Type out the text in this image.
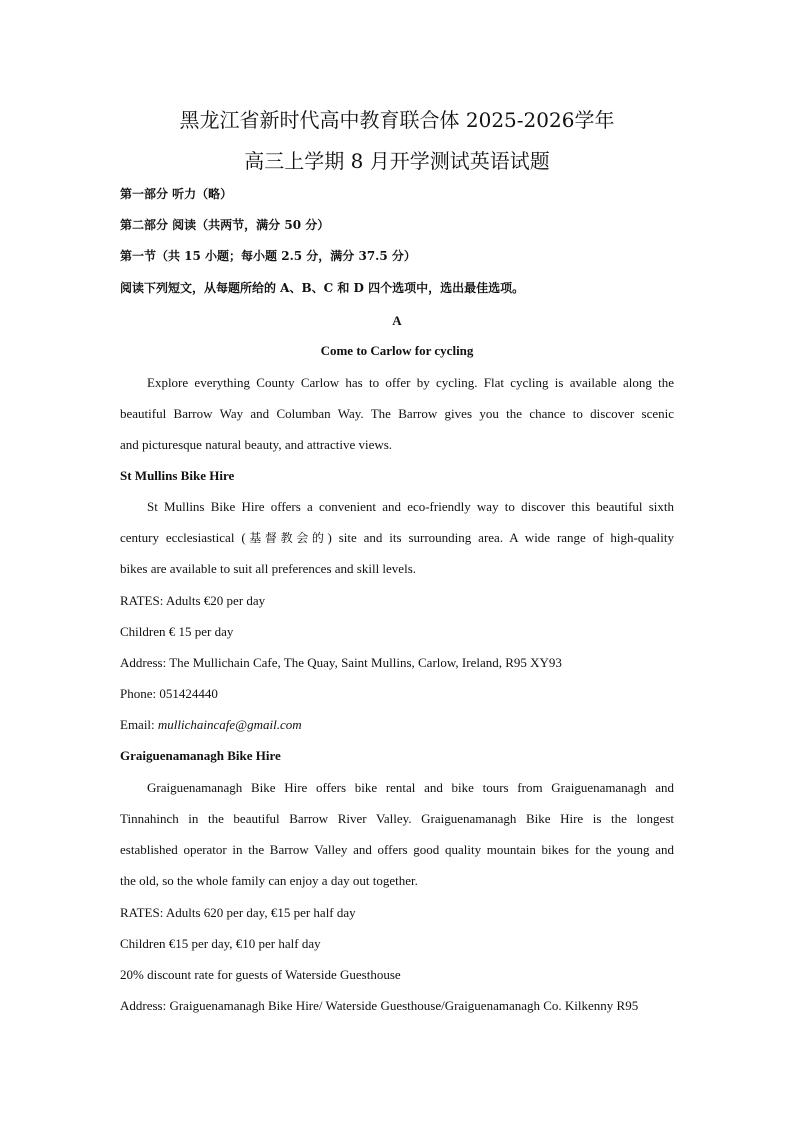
黑龙江省新时代高中教育联合体 2025-2026学年
高三上学期 8 月开学测试英语试题
第一部分 听力（略）
第二部分 阅读（共两节，满分 50 分）
第一节（共 15 小题；每小题 2.5 分，满分 37.5 分）
阅读下列短文，从每题所给的 A、B、C 和 D 四个选项中，选出最佳选项。
A
Come to Carlow for cycling
Explore everything County Carlow has to offer by cycling. Flat cycling is available along the
beautiful Barrow Way and Columban Way. The Barrow gives you the chance to discover scenic
and picturesque natural beauty, and attractive views.
St Mullins Bike Hire
St Mullins Bike Hire offers a convenient and eco-friendly way to discover this beautiful sixth
century ecclesiastical (基督教会的) site and its surrounding area. A wide range of high-quality
bikes are available to suit all preferences and skill levels.
RATES: Adults €20 per day
Children € 15 per day
Address: The Mullichain Cafe, The Quay, Saint Mullins, Carlow, Ireland, R95 XY93
Phone: 051424440
Email: mullichaincafe@gmail.com
Graiguenamanagh Bike Hire
Graiguenamanagh Bike Hire offers bike rental and bike tours from Graiguenamanagh and
Tinnahinch in the beautiful Barrow River Valley. Graiguenamanagh Bike Hire is the longest
established operator in the Barrow Valley and offers good quality mountain bikes for the young and
the old, so the whole family can enjoy a day out together.
RATES: Adults 620 per day, €15 per half day
Children €15 per day, €10 per half day
20% discount rate for guests of Waterside Guesthouse
Address: Graiguenamanagh Bike Hire/ Waterside Guesthouse/Graiguenamanagh Co. Kilkenny R95
